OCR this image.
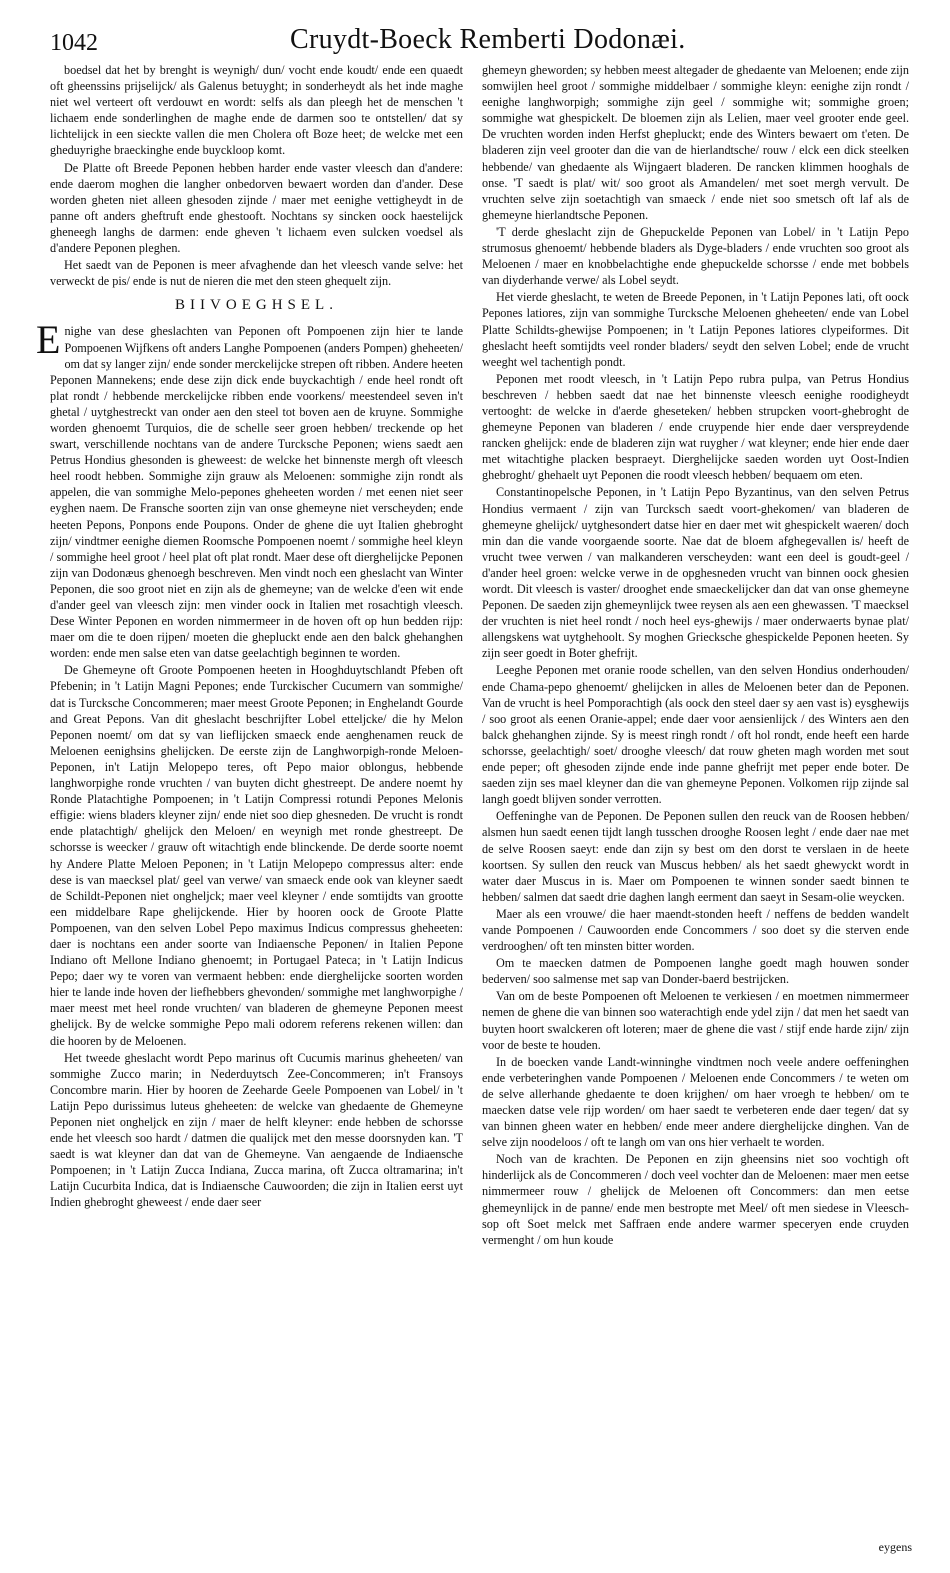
1042	Cruydt-Boeck Remberti Dodonæi.

boedsel dat het by brenght is weynigh/ dun/ vocht ende koudt/ ende een quaedt oft gheenssins prijselijck/ als Galenus betuyght; in sonderheydt als het inde maghe niet wel verteert oft verdouwt en wordt: selfs als dan pleegh het de menschen 't lichaem ende sonderlinghen de maghe ende de darmen soo te ontstellen/ dat sy lichtelijck in een sieckte vallen die men Cholera oft Boze heet; de welcke met een gheduyrighe braeckinghe ende buyckloop komt.

De Platte oft Breede Peponen hebben harder ende vaster vleesch dan d'andere: ende daerom moghen die langher onbedorven bewaert worden dan d'ander. Dese worden gheten niet alleen ghesoden zijnde / maer met eenighe vettigheydt in de panne oft anders gheftruft ende ghestooft. Nochtans sy sincken oock haestelijck gheneegh langhs de darmen: ende gheven 't lichaem even sulcken voedsel als d'andere Peponen pleghen.

Het saedt van de Peponen is meer afvaghende dan het vleesch vande selve: het verweckt de pis/ ende is nut de nieren die met den steen ghequelt zijn.

BIIVOEGHSEL.

Enighe van dese gheslachten van Peponen oft Pompoenen zijn hier te lande Pompoenen Wijfkens oft anders Langhe Pompoenen (anders Pompen) gheheeten/ om dat sy langer zijn/ ende sonder merckelijcke strepen oft ribben. Andere heeten Peponen Mannekens; ende dese zijn dick ende buyckachtigh / ende heel rondt oft plat rondt / hebbende merckelijcke ribben ende voorkens/ meestendeel seven in't ghetal / uytghestreckt van onder aen den steel tot boven aen de kruyne. Sommighe worden ghenoemt Turquios, die de schelle seer groen hebben/ treckende op het swart, verschillende nochtans van de andere Turcksche Peponen; wiens saedt aen Petrus Hondius ghesonden is gheweest: de welcke het binnenste mergh oft vleesch heel roodt hebben. Sommighe zijn grauw als Meloenen: sommighe zijn rondt als appelen, die van sommighe Melo-pepones gheheeten worden / met eenen niet seer eyghen naem. De Fransche soorten zijn van onse ghemeyne niet verscheyden; ende heeten Pepons, Ponpons ende Poupons. Onder de ghene die uyt Italien ghebroght zijn/ vindtmer eenighe diemen Roomsche Pompoenen noemt / sommighe heel kleyn / sommighe heel groot / heel plat oft plat rondt. Maer dese oft dierghelijcke Peponen zijn van Dodonæus ghenoegh beschreven. Men vindt noch een gheslacht van Winter Peponen, die soo groot niet en zijn als de ghemeyne; van de welcke d'een wit ende d'ander geel van vleesch zijn: men vinder oock in Italien met rosachtigh vleesch. Dese Winter Peponen en worden nimmermeer in de hoven oft op hun bedden rijp: maer om die te doen rijpen/ moeten die ghepluckt ende aen den balck ghehanghen worden: ende men salse eten van datse geelachtigh beginnen te worden.

De Ghemeyne oft Groote Pompoenen heeten in Hooghduytschlandt Pfeben oft Pfebenin; in 't Latijn Magni Pepones; ende Turckischer Cucumern van sommighe/ dat is Turcksche Concommeren; maer meest Groote Peponen; in Enghelandt Gourde and Great Pepons. Van dit gheslacht beschrijfter Lobel etteljcke/ die hy Melon Peponen noemt/ om dat sy van lieflijcken smaeck ende aenghenamen reuck de Meloenen eenighsins ghelijcken. De eerste zijn de Langhworpigh-ronde Meloen-Peponen, in't Latijn Melopepo teres, oft Pepo maior oblongus, hebbende langhworpighe ronde vruchten / van buyten dicht ghestreept. De andere noemt hy Ronde Platachtighe Pompoenen; in 't Latijn Compressi rotundi Pepones Melonis effigie: wiens bladers kleyner zijn/ ende niet soo diep ghesneden. De vrucht is rondt ende platachtigh/ ghelijck den Meloen/ en weynigh met ronde ghestreept. De schorsse is weecker / grauw oft witachtigh ende blinckende. De derde soorte noemt hy Andere Platte Meloen Peponen; in 't Latijn Melopepo compressus alter: ende dese is van maecksel plat/ geel van verwe/ van smaeck ende ook van kleyner saedt de Schildt-Peponen niet ongheljck; maer veel kleyner / ende somtijdts van grootte een middelbare Rape ghelijckende. Hier by hooren oock de Groote Platte Pompoenen, van den selven Lobel Pepo maximus Indicus compressus gheheeten: daer is nochtans een ander soorte van Indiaensche Peponen/ in Italien Pepone Indiano oft Mellone Indiano ghenoemt; in Portugael Pateca; in 't Latijn Indicus Pepo; daer wy te voren van vermaent hebben: ende dierghelijcke soorten worden hier te lande inde hoven der liefhebbers ghevonden/ sommighe met langhworpighe / maer meest met heel ronde vruchten/ van bladeren de ghemeyne Peponen meest ghelijck. By de welcke sommighe Pepo mali odorem referens rekenen willen: dan die hooren by de Meloenen.

Het tweede gheslacht wordt Pepo marinus oft Cucumis marinus gheheeten/ van sommighe Zucco marin; in Nederduytsch Zee-Concommeren; in't Fransoys Concombre marin. Hier by hooren de Zeeharde Geele Pompoenen van Lobel/ in 't Latijn Pepo durissimus luteus gheheeten: de welcke van ghedaente de Ghemeyne Peponen niet ongheljck en zijn / maer de helft kleyner: ende hebben de schorsse ende het vleesch soo hardt / datmen die qualijck met den messe doorsnyden kan. 'T saedt is wat kleyner dan dat van de Ghemeyne. Van aengaende de Indiaensche Pompoenen; in 't Latijn Zucca Indiana, Zucca marina, oft Zucca oltramarina; in't Latijn Cucurbita Indica, dat is Indiaensche Cauwoorden; die zijn in Italien eerst uyt Indien ghebroght gheweest / ende daer seer

ghemeyn gheworden; sy hebben meest altegader de ghedaente van Meloenen; ende zijn somwijlen heel groot / sommighe middelbaer / sommighe kleyn: eenighe zijn rondt / eenighe langhworpigh; sommighe zijn geel / sommighe wit; sommighe groen; sommighe wat ghespickelt. De bloemen zijn als Lelien, maer veel grooter ende geel. De vruchten worden inden Herfst ghepluckt; ende des Winters bewaert om t'eten. De bladeren zijn veel grooter dan die van de hierlandtsche/ rouw / elck een dick steelken hebbende/ van ghedaente als Wijngaert bladeren. De rancken klimmen hooghals de onse. 'T saedt is plat/ wit/ soo groot als Amandelen/ met soet mergh vervult. De vruchten selve zijn soetachtigh van smaeck / ende niet soo smetsch oft laf als de ghemeyne hierlandtsche Peponen.

'T derde gheslacht zijn de Ghepuckelde Peponen van Lobel/ in 't Latijn Pepo strumosus ghenoemt/ hebbende bladers als Dyge-bladers / ende vruchten soo groot als Meloenen / maer en knobbelachtighe ende ghepuckelde schorsse / ende met bobbels van diyderhande verwe/ als Lobel seydt.

Het vierde gheslacht, te weten de Breede Peponen, in 't Latijn Pepones lati, oft oock Pepones latiores, zijn van sommighe Turcksche Meloenen gheheeten/ ende van Lobel Platte Schildts-ghewijse Pompoenen; in 't Latijn Pepones latiores clypeiformes. Dit gheslacht heeft somtijdts veel ronder bladers/ seydt den selven Lobel; ende de vrucht weeght wel tachentigh pondt.

Peponen met roodt vleesch, in 't Latijn Pepo rubra pulpa, van Petrus Hondius beschreven / hebben saedt dat nae het binnenste vleesch eenighe roodigheydt vertooght: de welcke in d'aerde gheseteken/ hebben strupcken voort-ghebroght de ghemeyne Peponen van bladeren / ende cruypende hier ende daer verspreydende rancken ghelijck: ende de bladeren zijn wat ruygher / wat kleyner; ende hier ende daer met witachtighe placken bespraeyt. Dierghelijcke saeden worden uyt Oost-Indien ghebroght/ ghehaelt uyt Peponen die roodt vleesch hebben/ bequaem om eten.

Constantinopelsche Peponen, in 't Latijn Pepo Byzantinus, van den selven Petrus Hondius vermaent / zijn van Turcksch saedt voort-ghekomen/ van bladeren de ghemeyne ghelijck/ uytghesondert datse hier en daer met wit ghespickelt waeren/ doch min dan die vande voorgaende soorte. Nae dat de bloem afghegevallen is/ heeft de vrucht twee verwen / van malkanderen verscheyden: want een deel is goudt-geel / d'ander heel groen: welcke verwe in de opghesneden vrucht van binnen oock ghesien wordt. Dit vleesch is vaster/ drooghet ende smaeckelijcker dan dat van onse ghemeyne Peponen. De saeden zijn ghemeynlijck twee reysen als aen een ghewassen. 'T maecksel der vruchten is niet heel rondt / noch heel eys-ghewijs / maer onderwaerts bynae plat/ allengskens wat uytghehoolt. Sy moghen Griecksche ghespickelde Peponen heeten. Sy zijn seer goedt in Boter ghefrijt.

Leeghe Peponen met oranie roode schellen, van den selven Hondius onderhouden/ ende Chama-pepo ghenoemt/ ghelijcken in alles de Meloenen beter dan de Peponen. Van de vrucht is heel Pomporachtigh (als oock den steel daer sy aen vast is) eysghewijs / soo groot als eenen Oranie-appel; ende daer voor aensienlijck / des Winters aen den balck ghehanghen zijnde. Sy is meest ringh rondt / oft hol rondt, ende heeft een harde schorsse, geelachtigh/ soet/ drooghe vleesch/ dat rouw gheten magh worden met sout ende peper; oft ghesoden zijnde ende inde panne ghefrijt met peper ende boter. De saeden zijn ses mael kleyner dan die van ghemeyne Peponen. Volkomen rijp zijnde sal langh goedt blijven sonder verrotten.

Oeffeninghe van de Peponen. De Peponen sullen den reuck van de Roosen hebben/ alsmen hun saedt eenen tijdt langh tusschen drooghe Roosen leght / ende daer nae met de selve Roosen saeyt: ende dan zijn sy best om den dorst te verslaen in de heete koortsen. Sy sullen den reuck van Muscus hebben/ als het saedt ghewyckt wordt in water daer Muscus in is. Maer om Pompoenen te winnen sonder saedt binnen te hebben/ salmen dat saedt drie daghen langh eerment dan saeyt in Sesam-olie weycken.

Maer als een vrouwe/ die haer maendt-stonden heeft / neffens de bedden wandelt vande Pompoenen / Cauwoorden ende Concommers / soo doet sy die sterven ende verdrooghen/ oft ten minsten bitter worden.

Om te maecken datmen de Pompoenen langhe goedt magh houwen sonder bederven/ soo salmense met sap van Donder-baerd bestrijcken.

Van om de beste Pompoenen oft Meloenen te verkiesen / en moetmen nimmermeer nemen de ghene die van binnen soo waterachtigh ende ydel zijn / dat men het saedt van buyten hoort swalckeren oft loteren; maer de ghene die vast / stijf ende harde zijn/ zijn voor de beste te houden.

In de boecken vande Landt-winninghe vindtmen noch veele andere oeffeninghen ende verbeteringhen vande Pompoenen / Meloenen ende Concommers / te weten om de selve allerhande ghedaente te doen krijghen/ om haer vroegh te hebben/ om te maecken datse vele rijp worden/ om haer saedt te verbeteren ende daer tegen/ dat sy van binnen gheen water en hebben/ ende meer andere dierghelijcke dinghen. Van de selve zijn noodeloos / oft te langh om van ons hier verhaelt te worden.

Noch van de krachten. De Peponen en zijn gheensins niet soo vochtigh oft hinderlijck als de Concommeren / doch veel vochter dan de Meloenen: maer men eetse nimmermeer rouw / ghelijck de Meloenen oft Concommers: dan men eetse ghemeynlijck in de panne/ ende men bestropte met Meel/ oft men siedese in Vleesch-sop oft Soet melck met Saffraen ende andere warmer speceryen ende cruyden vermenght / om hun koude

eygens
